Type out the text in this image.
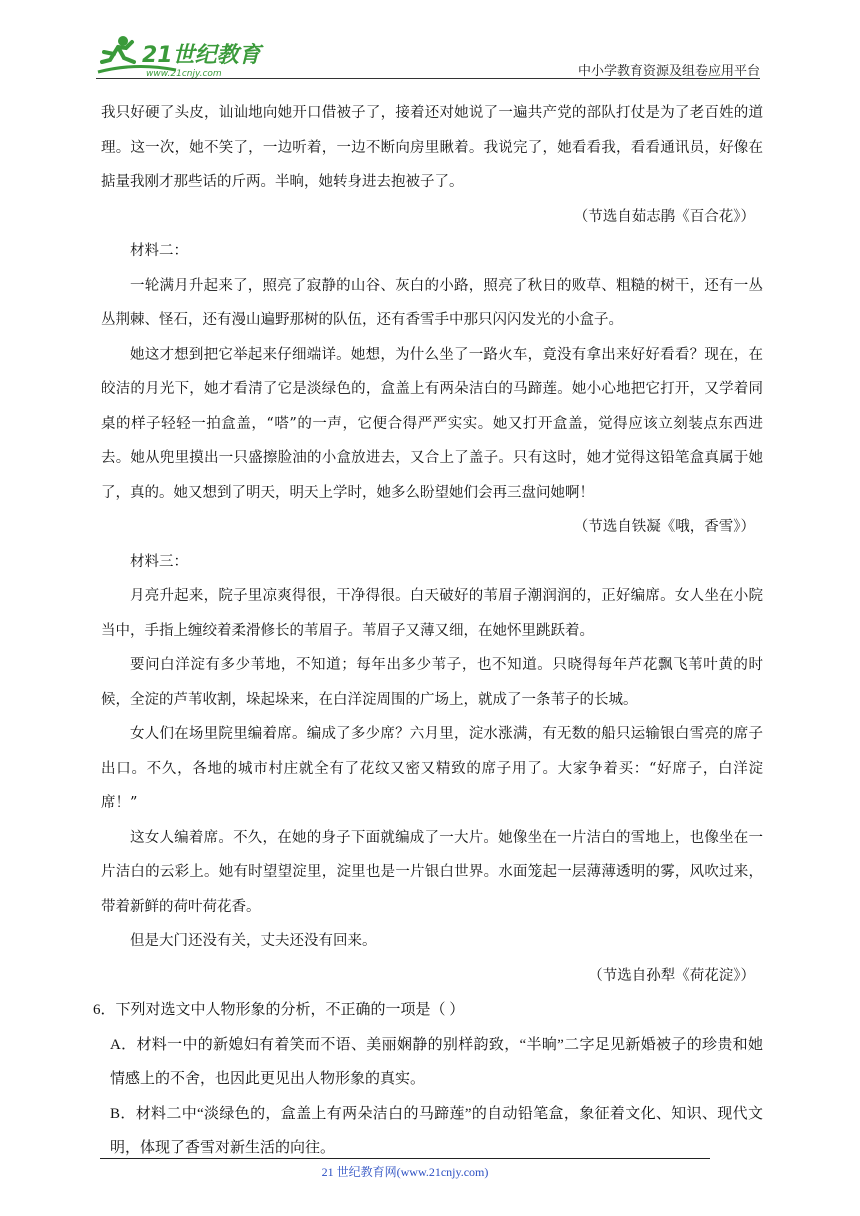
21世纪教育
www.21cnjy.com	中小学教育资源及组卷应用平台

我只好硬了头皮，讪讪地向她开口借被子了，接着还对她说了一遍共产党的部队打仗是为了老百姓的道理。这一次，她不笑了，一边听着，一边不断向房里瞅着。我说完了，她看看我，看看通讯员，好像在掂量我刚才那些话的斤两。半晌，她转身进去抱被子了。

（节选自茹志鹃《百合花》）

材料二：

一轮满月升起来了，照亮了寂静的山谷、灰白的小路，照亮了秋日的败草、粗糙的树干，还有一丛丛荆棘、怪石，还有漫山遍野那树的队伍，还有香雪手中那只闪闪发光的小盒子。

她这才想到把它举起来仔细端详。她想，为什么坐了一路火车，竟没有拿出来好好看看？现在，在皎洁的月光下，她才看清了它是淡绿色的，盒盖上有两朵洁白的马蹄莲。她小心地把它打开，又学着同桌的样子轻轻一拍盒盖，“嗒”的一声，它便合得严严实实。她又打开盒盖，觉得应该立刻装点东西进去。她从兜里摸出一只盛擦脸油的小盒放进去，又合上了盖子。只有这时，她才觉得这铅笔盒真属于她了，真的。她又想到了明天，明天上学时，她多么盼望她们会再三盘问她啊！

（节选自铁凝《哦，香雪》）

材料三：

月亮升起来，院子里凉爽得很，干净得很。白天破好的苇眉子潮润润的，正好编席。女人坐在小院当中，手指上缠绞着柔滑修长的苇眉子。苇眉子又薄又细，在她怀里跳跃着。

要问白洋淀有多少苇地，不知道；每年出多少苇子，也不知道。只晓得每年芦花飘飞苇叶黄的时候，全淀的芦苇收割，垛起垛来，在白洋淀周围的广场上，就成了一条苇子的长城。

女人们在场里院里编着席。编成了多少席？六月里，淀水涨满，有无数的船只运输银白雪亮的席子出口。不久，各地的城市村庄就全有了花纹又密又精致的席子用了。大家争着买：“好席子，白洋淀席！”

这女人编着席。不久，在她的身子下面就编成了一大片。她像坐在一片洁白的雪地上，也像坐在一片洁白的云彩上。她有时望望淀里，淀里也是一片银白世界。水面笼起一层薄薄透明的雾，风吹过来，带着新鲜的荷叶荷花香。

但是大门还没有关，丈夫还没有回来。

（节选自孙犁《荷花淀》）

6．下列对选文中人物形象的分析，不正确的一项是（ ）

A．材料一中的新媳妇有着笑而不语、美丽娴静的别样韵致，“半晌”二字足见新婚被子的珍贵和她情感上的不舍，也因此更见出人物形象的真实。

B．材料二中“淡绿色的，盒盖上有两朵洁白的马蹄莲”的自动铅笔盒，象征着文化、知识、现代文明，体现了香雪对新生活的向往。

21 世纪教育网(www.21cnjy.com)
